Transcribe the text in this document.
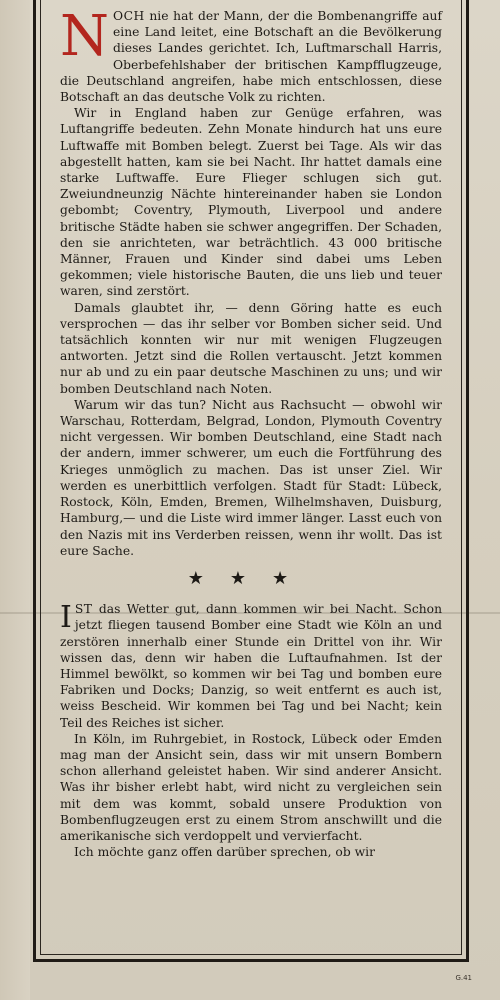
NOCH nie hat der Mann, der die Bombenangriffe auf eine Land leitet, eine Botschaft an die Bevölkerung dieses Landes gerichtet. Ich, Luftmarschall Harris, Oberbefehlshaber der britischen Kampfflugzeuge, die Deutschland angreifen, habe mich entschlossen, diese Botschaft an das deutsche Volk zu richten.

Wir in England haben zur Genüge erfahren, was Luftangriffe bedeuten. Zehn Monate hindurch hat uns eure Luftwaffe mit Bomben belegt. Zuerst bei Tage. Als wir das abgestellt hatten, kam sie bei Nacht. Ihr hattet damals eine starke Luftwaffe. Eure Flieger schlugen sich gut. Zweiundneunzig Nächte hintereinander haben sie London gebombt; Coventry, Plymouth, Liverpool und andere britische Städte haben sie schwer angegriffen. Der Schaden, den sie anrichteten, war beträchtlich. 43 000 britische Männer, Frauen und Kinder sind dabei ums Leben gekommen; viele historische Bauten, die uns lieb und teuer waren, sind zerstört.

Damals glaubtet ihr, — denn Göring hatte es euch versprochen — das ihr selber vor Bomben sicher seid. Und tatsächlich konnten wir nur mit wenigen Flugzeugen antworten. Jetzt sind die Rollen vertauscht. Jetzt kommen nur ab und zu ein paar deutsche Maschinen zu uns; und wir bomben Deutschland nach Noten.

Warum wir das tun? Nicht aus Rachsucht — obwohl wir Warschau, Rotterdam, Belgrad, London, Plymouth Coventry nicht vergessen. Wir bomben Deutschland, eine Stadt nach der andern, immer schwerer, um euch die Fortführung des Krieges unmöglich zu machen. Das ist unser Ziel. Wir werden es unerbittlich verfolgen. Stadt für Stadt: Lübeck, Rostock, Köln, Emden, Bremen, Wilhelmshaven, Duisburg, Hamburg,— und die Liste wird immer länger. Lasst euch von den Nazis mit ins Verderben reissen, wenn ihr wollt. Das ist eure Sache.

★★★

IST das Wetter gut, dann kommen wir bei Nacht. Schon jetzt fliegen tausend Bomber eine Stadt wie Köln an und zerstören innerhalb einer Stunde ein Drittel von ihr. Wir wissen das, denn wir haben die Luftaufnahmen. Ist der Himmel bewölkt, so kommen wir bei Tag und bomben eure Fabriken und Docks; Danzig, so weit entfernt es auch ist, weiss Bescheid. Wir kommen bei Tag und bei Nacht; kein Teil des Reiches ist sicher.

In Köln, im Ruhrgebiet, in Rostock, Lübeck oder Emden mag man der Ansicht sein, dass wir mit unsern Bombern schon allerhand geleistet haben. Wir sind anderer Ansicht. Was ihr bisher erlebt habt, wird nicht zu vergleichen sein mit dem was kommt, sobald unsere Produktion von Bombenflugzeugen erst zu einem Strom anschwillt und die amerikanische sich verdoppelt und vervierfacht.

Ich möchte ganz offen darüber sprechen, ob wir

G.41
